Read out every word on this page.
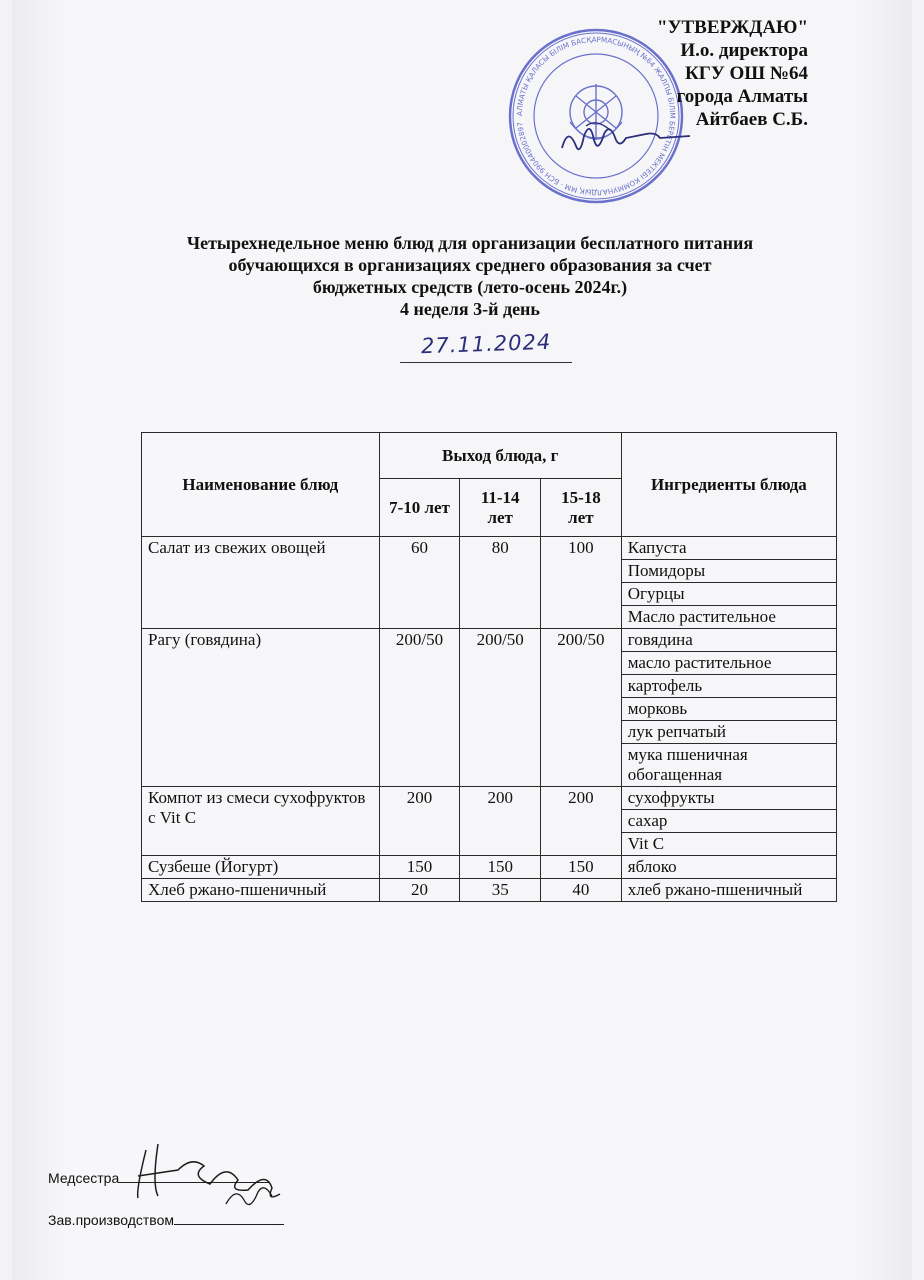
АЛМАТЫ ҚАЛАСЫ БІЛІМ БАСҚАРМАСЫНЫҢ №64 ЖАЛПЫ БІЛІМ БЕРЕТІН МЕКТЕБІ КОММУНАЛДЫҚ ММ · БСН 990440002897
"УТВЕРЖДАЮ"
И.о. директора
КГУ ОШ №64
города Алматы
Айтбаев С.Б.
Четырехнедельное меню блюд для организации бесплатного питания
обучающихся в организациях среднего образования за счет
бюджетных средств (лето-осень 2024г.)
4 неделя 3-й день
27.11.2024
Наименование блюд	Выход блюда, г			Ингредиенты блюда
	7-10 лет	11-14 лет	15-18 лет	
Салат из свежих овощей	60	80	100	Капуста
				Помидоры
				Огурцы
				Масло растительное
Рагу (говядина)	200/50	200/50	200/50	говядина
				масло растительное
				картофель
				морковь
				лук репчатый
				мука пшеничная обогащенная
Компот из смеси сухофруктов с Vit C	200	200	200	сухофрукты
				сахар
				Vit C
Сузбеше (Йогурт)	150	150	150	яблоко
Хлеб ржано-пшеничный	20	35	40	хлеб ржано-пшеничный
Медсестра
Зав.производством
